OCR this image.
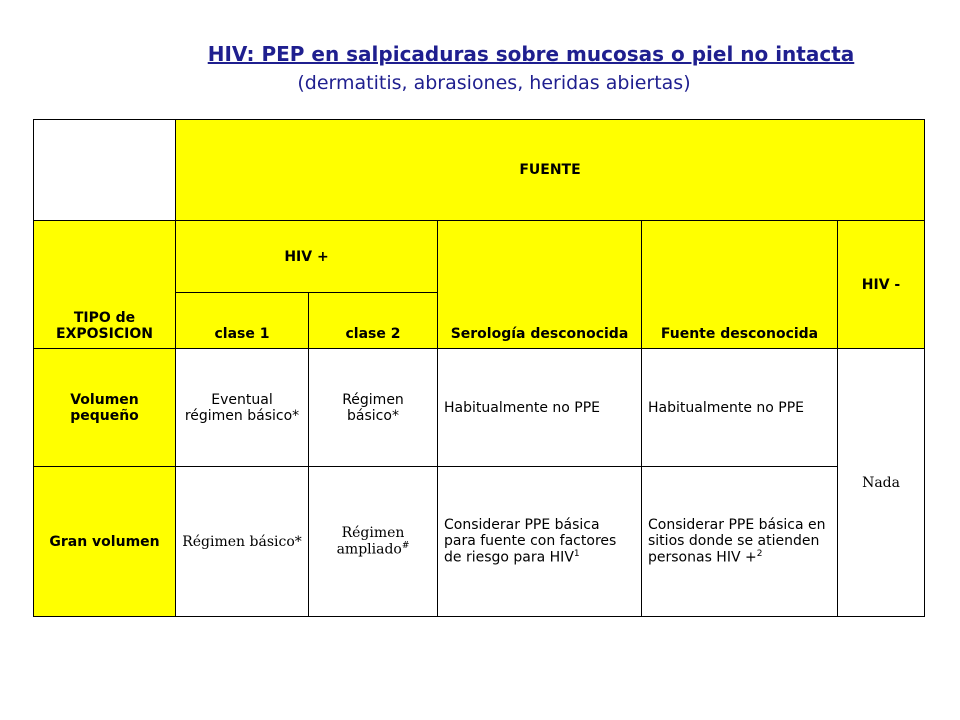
HIV: PEP en salpicaduras sobre mucosas o piel no intacta
(dermatitis, abrasiones, heridas abiertas)
	FUENTE				
TIPO de EXPOSICION	HIV +		Serología desconocida	Fuente desconocida	HIV -
	clase 1	clase 2			
Volumen pequeño	Eventual régimen básico*	Régimen básico*	Habitualmente no PPE	Habitualmente no PPE	Nada
Gran volumen	Régimen básico*	Régimen ampliado#	Considerar PPE básica para fuente con factores de riesgo para HIV$^1$	Considerar PPE básica en sitios donde se atienden personas HIV +$^2$
